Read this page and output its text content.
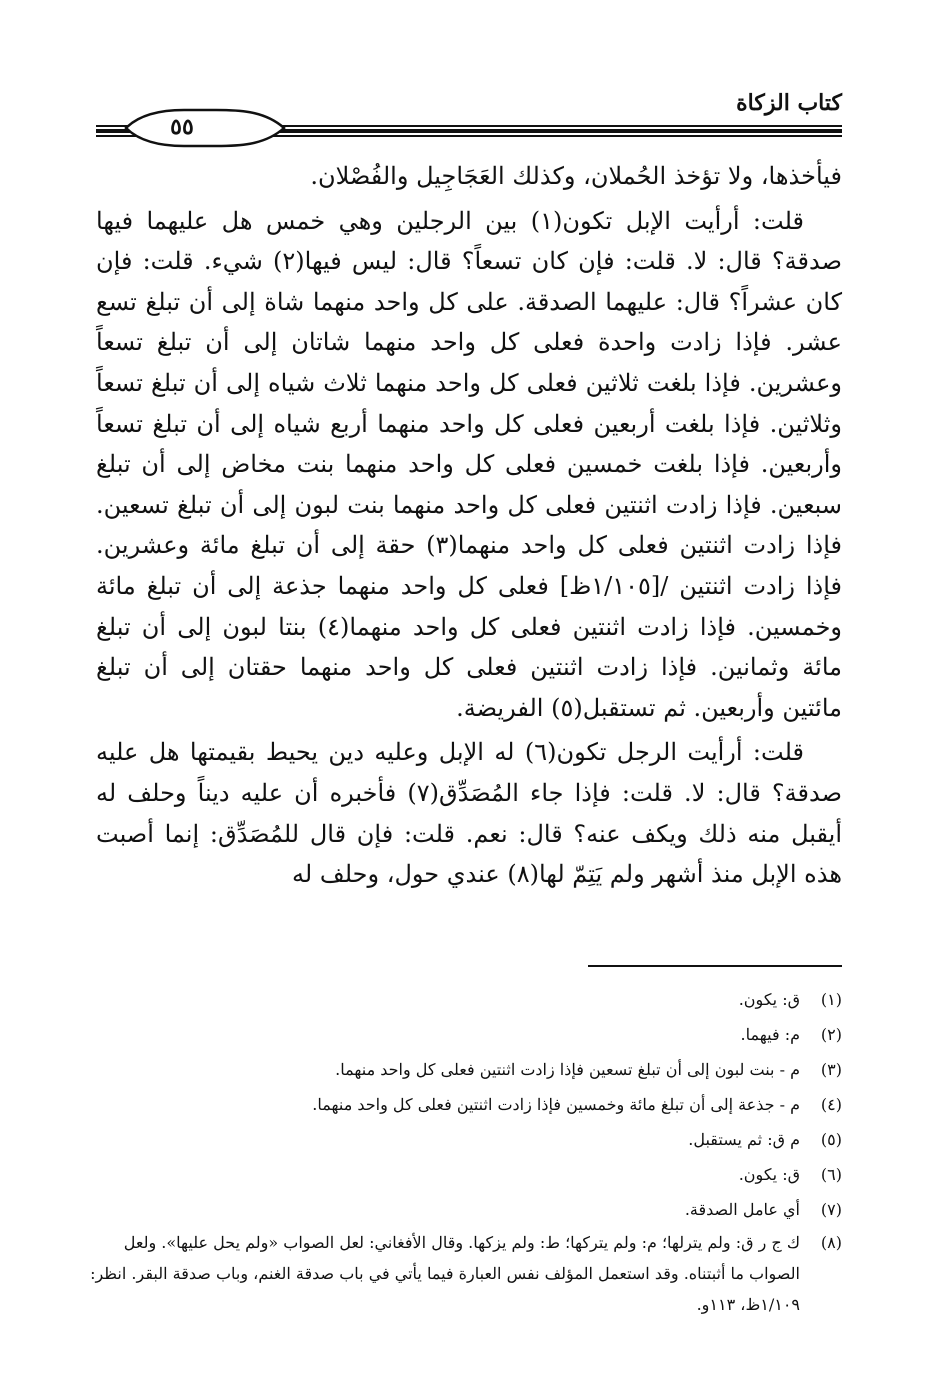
كتاب الزكاة
٥٥

فيأخذها، ولا تؤخذ الحُملان، وكذلك العَجَاجِيل والفُصْلان.

قلت: أرأيت الإبل تكون(١) بين الرجلين وهي خمس هل عليهما فيها صدقة؟ قال: لا. قلت: فإن كان تسعاً؟ قال: ليس فيها(٢) شيء. قلت: فإن كان عشراً؟ قال: عليهما الصدقة. على كل واحد منهما شاة إلى أن تبلغ تسع عشر. فإذا زادت واحدة فعلى كل واحد منهما شاتان إلى أن تبلغ تسعاً وعشرين. فإذا بلغت ثلاثين فعلى كل واحد منهما ثلاث شياه إلى أن تبلغ تسعاً وثلاثين. فإذا بلغت أربعين فعلى كل واحد منهما أربع شياه إلى أن تبلغ تسعاً وأربعين. فإذا بلغت خمسين فعلى كل واحد منهما بنت مخاض إلى أن تبلغ سبعين. فإذا زادت اثنتين فعلى كل واحد منهما بنت لبون إلى أن تبلغ تسعين. فإذا زادت اثنتين فعلى كل واحد منهما(٣) حقة إلى أن تبلغ مائة وعشرين. فإذا زادت اثنتين /[١/١٠٥ظ] فعلى كل واحد منهما جذعة إلى أن تبلغ مائة وخمسين. فإذا زادت اثنتين فعلى كل واحد منهما(٤) بنتا لبون إلى أن تبلغ مائة وثمانين. فإذا زادت اثنتين فعلى كل واحد منهما حقتان إلى أن تبلغ مائتين وأربعين. ثم تستقبل(٥) الفريضة.

قلت: أرأيت الرجل تكون(٦) له الإبل وعليه دين يحيط بقيمتها هل عليه صدقة؟ قال: لا. قلت: فإذا جاء المُصَدِّق(٧) فأخبره أن عليه ديناً وحلف له أيقبل منه ذلك ويكف عنه؟ قال: نعم. قلت: فإن قال للمُصَدِّق: إنما أصبت هذه الإبل منذ أشهر ولم يَتِمّ لها(٨) عندي حول، وحلف له

(١)
ق: يكون.
(٢)
م: فيهما.
(٣)
م - بنت لبون إلى أن تبلغ تسعين فإذا زادت اثنتين فعلى كل واحد منهما.
(٤)
م - جذعة إلى أن تبلغ مائة وخمسين فإذا زادت اثنتين فعلى كل واحد منهما.
(٥)
م ق: ثم يستقبل.
(٦)
ق: يكون.
(٧)
أي عامل الصدقة.
(٨)
ك ج ر ق: ولم يترلها؛ م: ولم يتركها؛ ط: ولم يزكها. وقال الأفغاني: لعل الصواب «ولم يحل عليها». ولعل الصواب ما أثبتناه. وقد استعمل المؤلف نفس العبارة فيما يأتي في باب صدقة الغنم، وباب صدقة البقر. انظر: ١/١٠٩ظ، ١١٣و.
